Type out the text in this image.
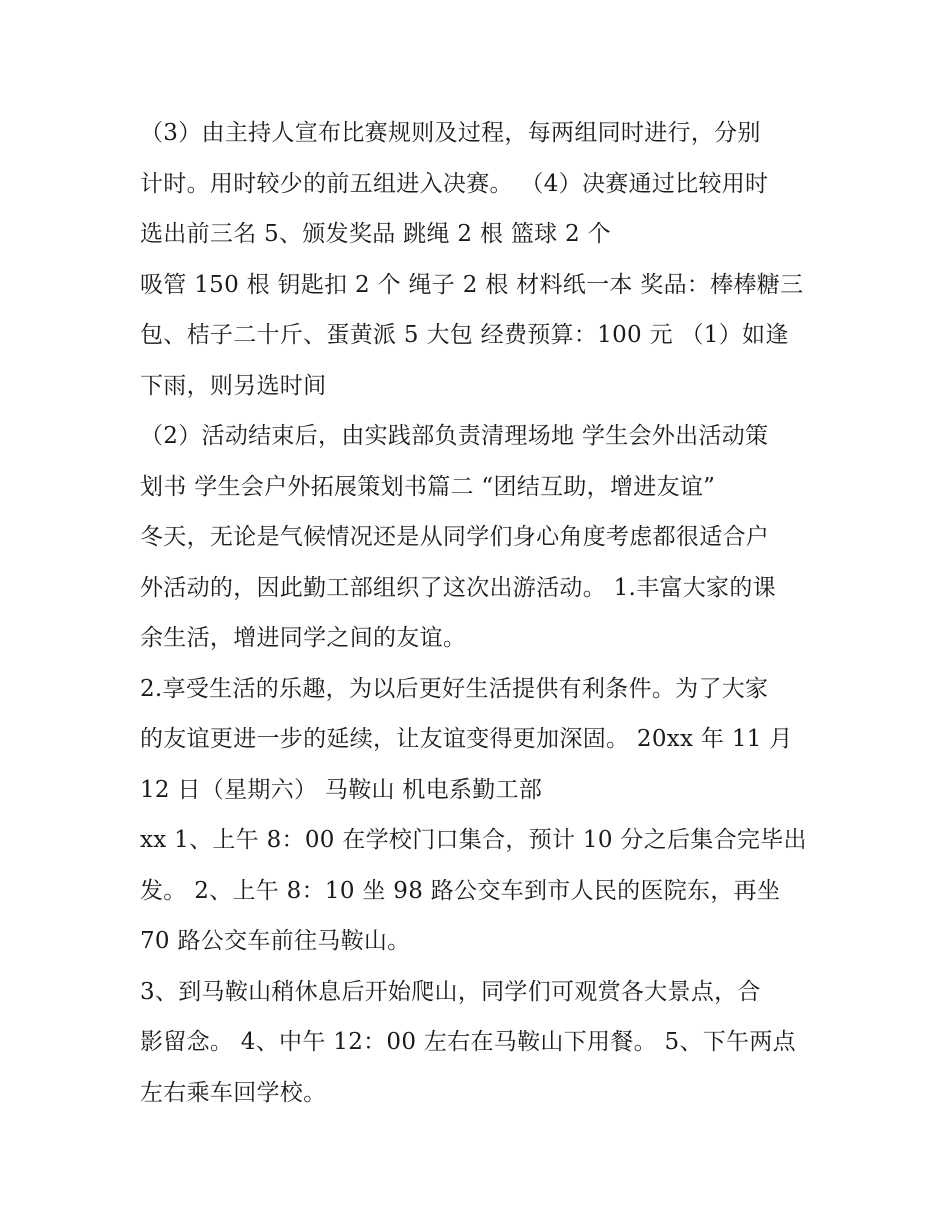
（3）由主持人宣布比赛规则及过程，每两组同时进行，分别
计时。用时较少的前五组进入决赛。 （4）决赛通过比较用时
选出前三名 5、颁发奖品 跳绳 2 根 篮球 2 个
吸管 150 根 钥匙扣 2 个 绳子 2 根 材料纸一本 奖品：棒棒糖三
包、桔子二十斤、蛋黄派 5 大包 经费预算：100 元 （1）如逢
下雨，则另选时间
（2）活动结束后，由实践部负责清理场地 学生会外出活动策
划书 学生会户外拓展策划书篇二 “团结互助，增进友谊”
冬天，无论是气候情况还是从同学们身心角度考虑都很适合户
外活动的，因此勤工部组织了这次出游活动。 1.丰富大家的课
余生活，增进同学之间的友谊。
2.享受生活的乐趣，为以后更好生活提供有利条件。为了大家
的友谊更进一步的延续，让友谊变得更加深固。 20xx 年 11 月
12 日（星期六） 马鞍山 机电系勤工部
xx 1、上午 8：00 在学校门口集合，预计 10 分之后集合完毕出
发。 2、上午 8：10 坐 98 路公交车到市人民的医院东，再坐
70 路公交车前往马鞍山。
3、到马鞍山稍休息后开始爬山，同学们可观赏各大景点，合
影留念。 4、中午 12：00 左右在马鞍山下用餐。 5、下午两点
左右乘车回学校。
